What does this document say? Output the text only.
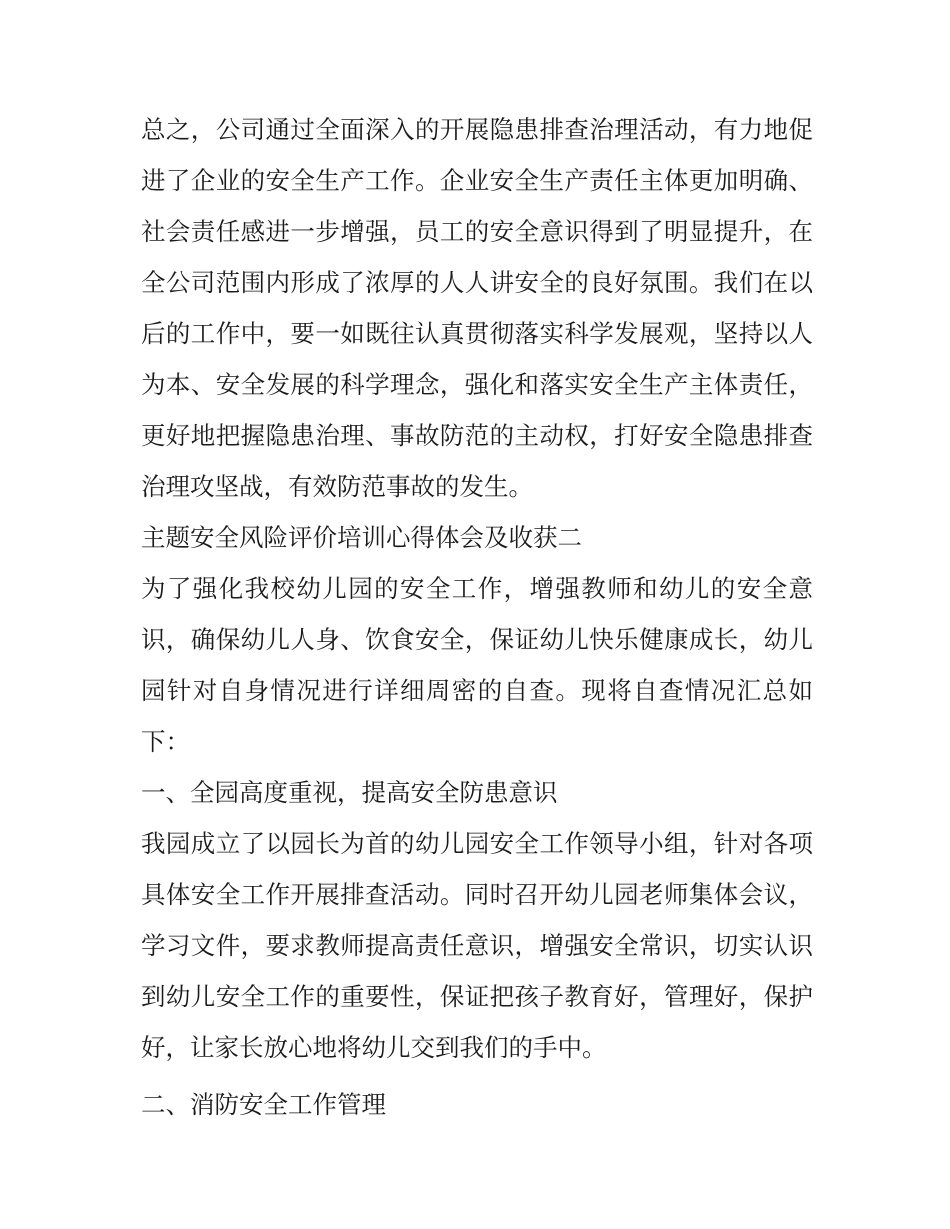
总之，公司通过全面深入的开展隐患排查治理活动，有力地促进了企业的安全生产工作。企业安全生产责任主体更加明确、社会责任感进一步增强，员工的安全意识得到了明显提升，在全公司范围内形成了浓厚的人人讲安全的良好氛围。我们在以后的工作中，要一如既往认真贯彻落实科学发展观，坚持以人为本、安全发展的科学理念，强化和落实安全生产主体责任，更好地把握隐患治理、事故防范的主动权，打好安全隐患排查治理攻坚战，有效防范事故的发生。

主题安全风险评价培训心得体会及收获二

为了强化我校幼儿园的安全工作，增强教师和幼儿的安全意识，确保幼儿人身、饮食安全，保证幼儿快乐健康成长，幼儿园针对自身情况进行详细周密的自查。现将自查情况汇总如下：

一、全园高度重视，提高安全防患意识

我园成立了以园长为首的幼儿园安全工作领导小组，针对各项具体安全工作开展排查活动。同时召开幼儿园老师集体会议，学习文件，要求教师提高责任意识，增强安全常识，切实认识到幼儿安全工作的重要性，保证把孩子教育好，管理好，保护好，让家长放心地将幼儿交到我们的手中。

二、消防安全工作管理
